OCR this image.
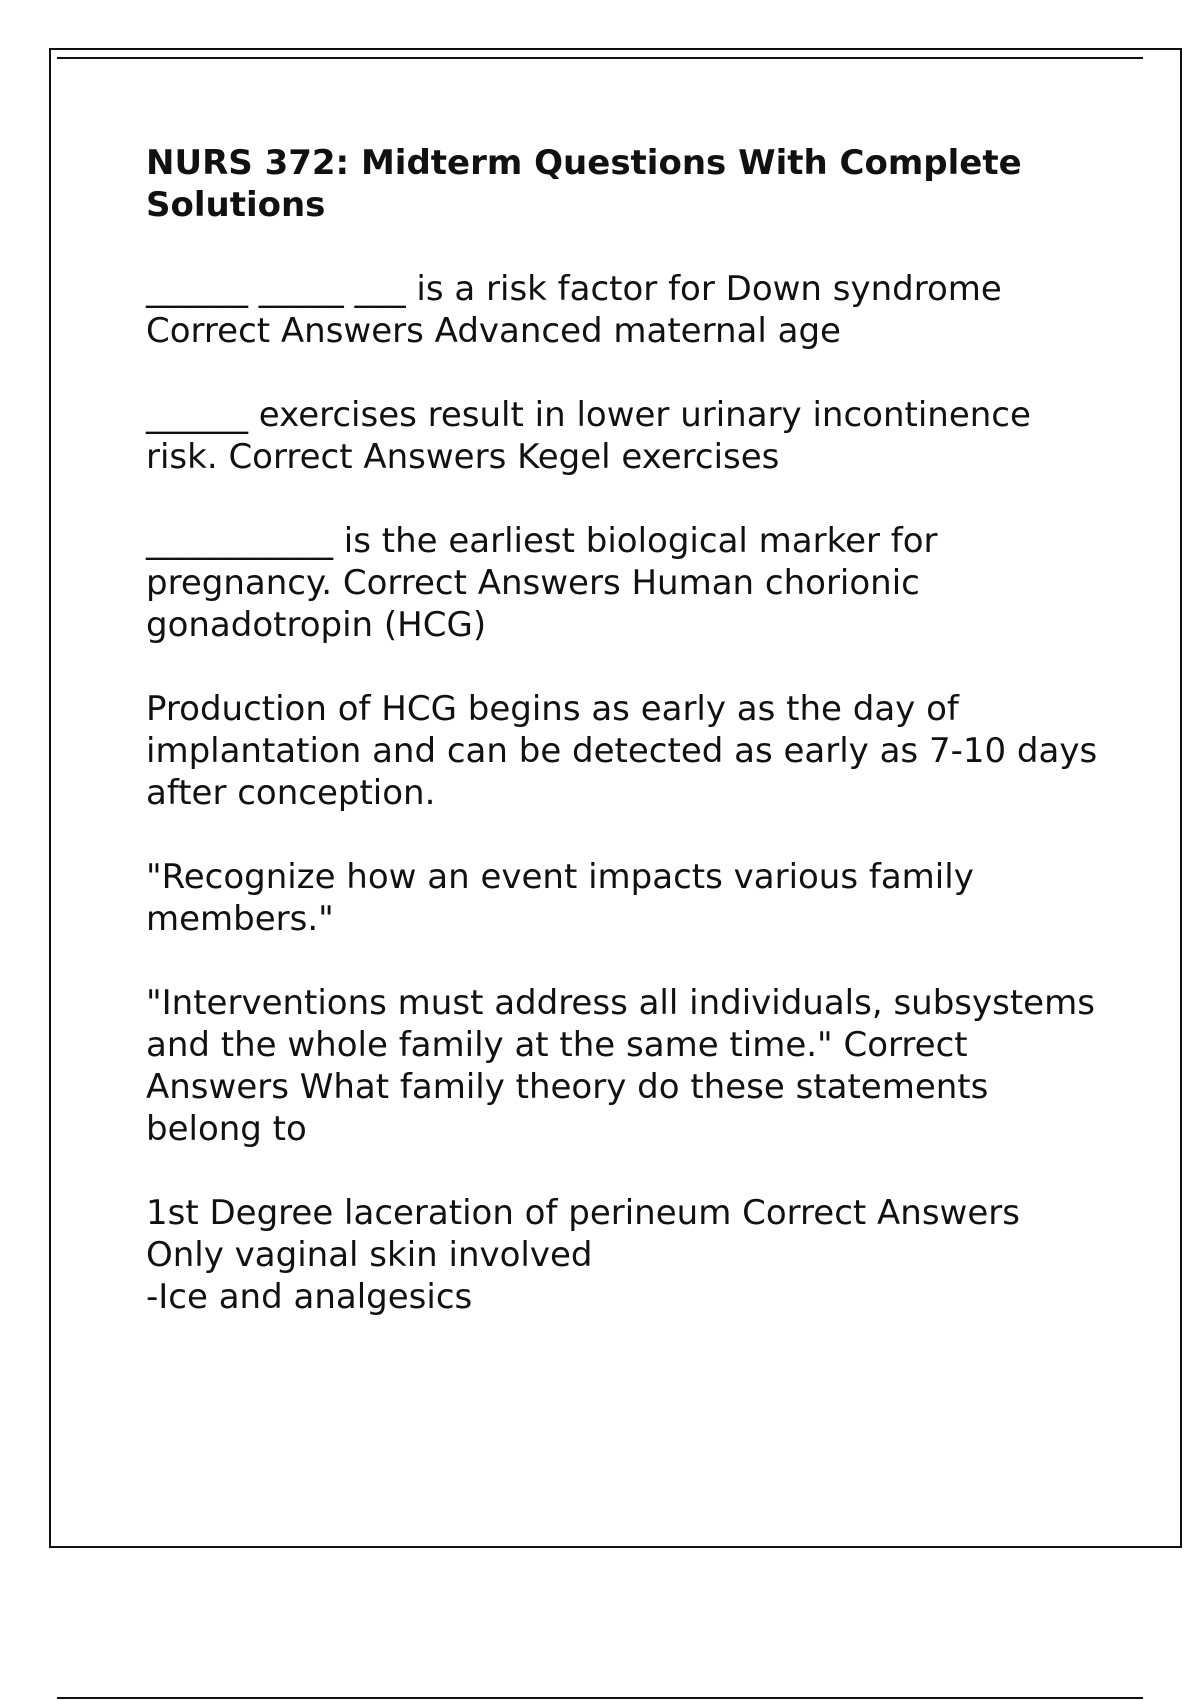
NURS 372: Midterm Questions With Complete Solutions
______ _____ ___ is a risk factor for Down syndrome Correct Answers Advanced maternal age
______ exercises result in lower urinary incontinence risk. Correct Answers Kegel exercises
___________ is the earliest biological marker for pregnancy. Correct Answers Human chorionic gonadotropin (HCG)
Production of HCG begins as early as the day of implantation and can be detected as early as 7-10 days after conception.
"Recognize how an event impacts various family members."
"Interventions must address all individuals, subsystems and the whole family at the same time." Correct Answers What family theory do these statements belong to
1st Degree laceration of perineum Correct Answers Only vaginal skin involved
-Ice and analgesics
